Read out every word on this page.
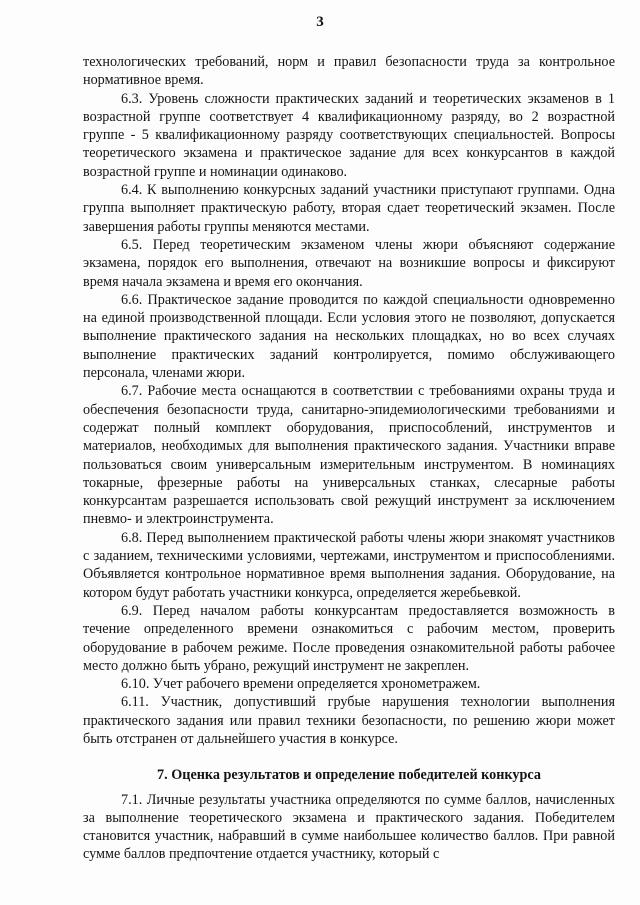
3

технологических требований, норм и правил безопасности труда за контрольное нормативное время.

6.3. Уровень сложности практических заданий и теоретических экзаменов в 1 возрастной группе соответствует 4 квалификационному разряду, во 2 возрастной группе - 5 квалификационному разряду соответствующих специальностей. Вопросы теоретического экзамена и практическое задание для всех конкурсантов в каждой возрастной группе и номинации одинаково.

6.4. К выполнению конкурсных заданий участники приступают группами. Одна группа выполняет практическую работу, вторая сдает теоретический экзамен. После завершения работы группы меняются местами.

6.5. Перед теоретическим экзаменом члены жюри объясняют содержание экзамена, порядок его выполнения, отвечают на возникшие вопросы и фиксируют время начала экзамена и время его окончания.

6.6. Практическое задание проводится по каждой специальности одновременно на единой производственной площади. Если условия этого не позволяют, допускается выполнение практического задания на нескольких площадках, но во всех случаях выполнение практических заданий контролируется, помимо обслуживающего персонала, членами жюри.

6.7. Рабочие места оснащаются в соответствии с требованиями охраны труда и обеспечения безопасности труда, санитарно-эпидемиологическими требованиями и содержат полный комплект оборудования, приспособлений, инструментов и материалов, необходимых для выполнения практического задания. Участники вправе пользоваться своим универсальным измерительным инструментом. В номинациях токарные, фрезерные работы на универсальных станках, слесарные работы конкурсантам разрешается использовать свой режущий инструмент за исключением пневмо- и электроинструмента.

6.8. Перед выполнением практической работы члены жюри знакомят участников с заданием, техническими условиями, чертежами, инструментом и приспособлениями. Объявляется контрольное нормативное время выполнения задания. Оборудование, на котором будут работать участники конкурса, определяется жеребьевкой.

6.9. Перед началом работы конкурсантам предоставляется возможность в течение определенного времени ознакомиться с рабочим местом, проверить оборудование в рабочем режиме. После проведения ознакомительной работы рабочее место должно быть убрано, режущий инструмент не закреплен.

6.10. Учет рабочего времени определяется хронометражем.

6.11. Участник, допустивший грубые нарушения технологии выполнения практического задания или правил техники безопасности, по решению жюри может быть отстранен от дальнейшего участия в конкурсе.

7. Оценка результатов и определение победителей конкурса

7.1. Личные результаты участника определяются по сумме баллов, начисленных за выполнение теоретического экзамена и практического задания. Победителем становится участник, набравший в сумме наибольшее количество баллов. При равной сумме баллов предпочтение отдается участнику, который с
